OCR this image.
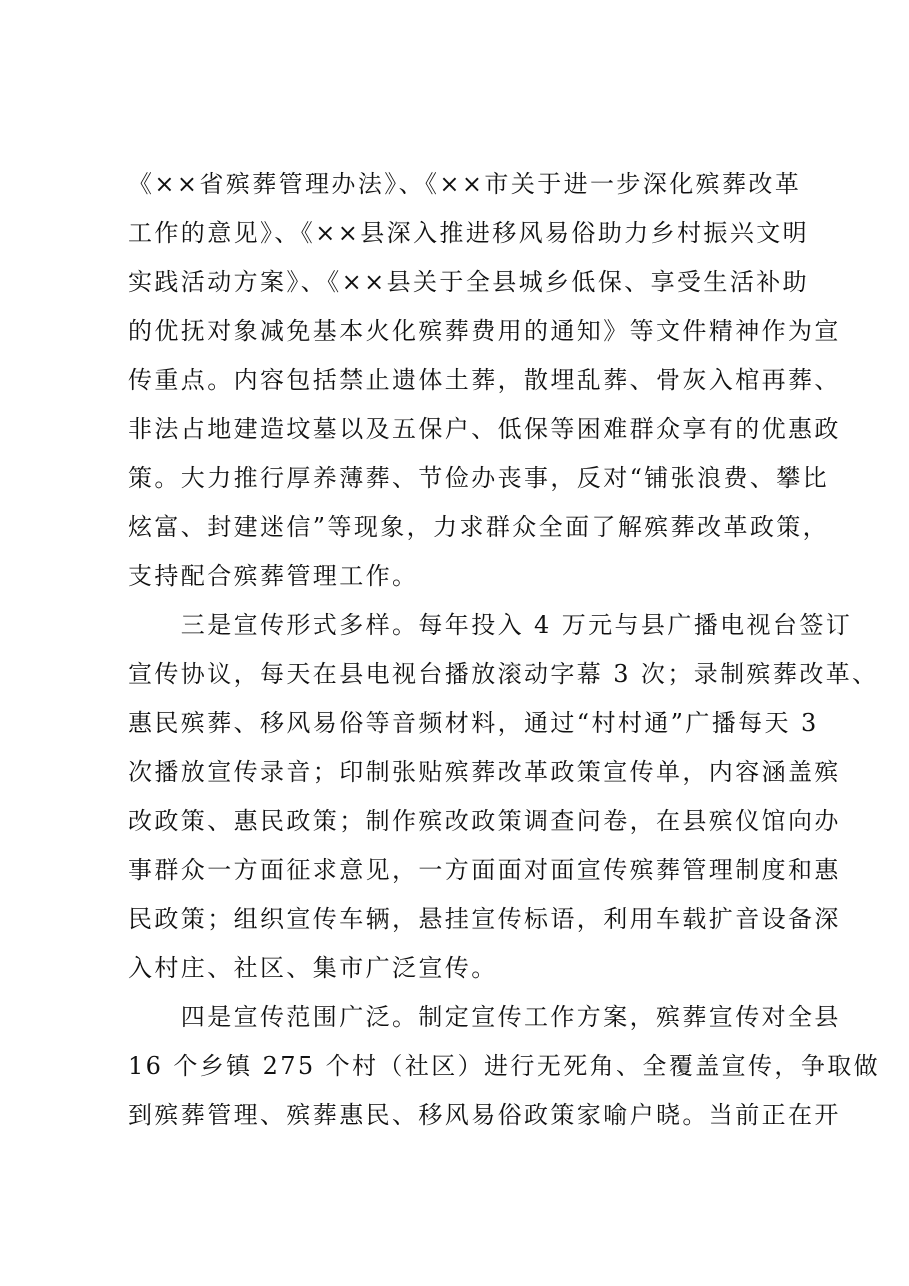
《××省殡葬管理办法》、《××市关于进一步深化殡葬改革
工作的意见》、《××县深入推进移风易俗助力乡村振兴文明
实践活动方案》、《××县关于全县城乡低保、享受生活补助
的优抚对象减免基本火化殡葬费用的通知》等文件精神作为宣
传重点。内容包括禁止遗体土葬，散埋乱葬、骨灰入棺再葬、
非法占地建造坟墓以及五保户、低保等困难群众享有的优惠政
策。大力推行厚养薄葬、节俭办丧事，反对“铺张浪费、攀比
炫富、封建迷信”等现象，力求群众全面了解殡葬改革政策，
支持配合殡葬管理工作。
　　三是宣传形式多样。每年投入 4 万元与县广播电视台签订
宣传协议，每天在县电视台播放滚动字幕 3 次；录制殡葬改革、
惠民殡葬、移风易俗等音频材料，通过“村村通”广播每天 3
次播放宣传录音；印制张贴殡葬改革政策宣传单，内容涵盖殡
改政策、惠民政策；制作殡改政策调查问卷，在县殡仪馆向办
事群众一方面征求意见，一方面面对面宣传殡葬管理制度和惠
民政策；组织宣传车辆，悬挂宣传标语，利用车载扩音设备深
入村庄、社区、集市广泛宣传。
　　四是宣传范围广泛。制定宣传工作方案，殡葬宣传对全县
16 个乡镇 275 个村（社区）进行无死角、全覆盖宣传，争取做
到殡葬管理、殡葬惠民、移风易俗政策家喻户晓。当前正在开
